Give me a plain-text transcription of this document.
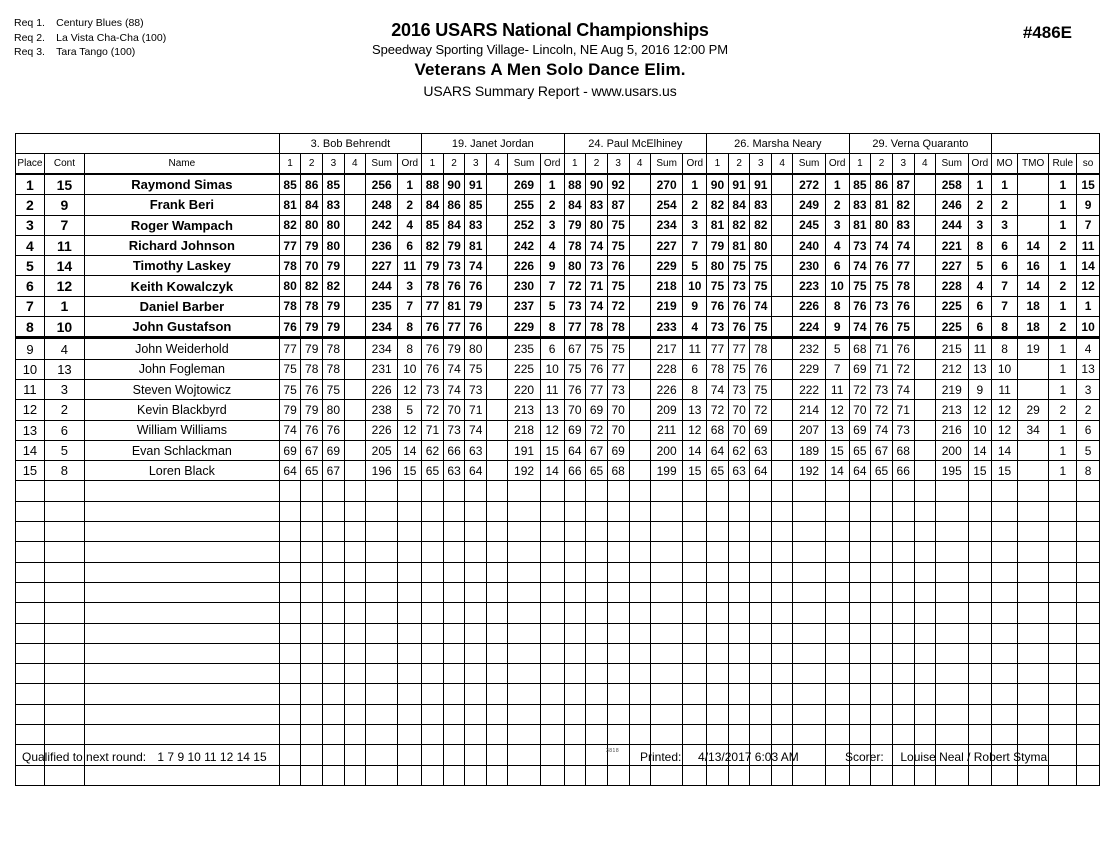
Req 1. Century Blues (88)
Req 2. La Vista Cha-Cha (100)
Req 3. Tara Tango (100)
2016 USARS National Championships
Speedway Sporting Village- Lincoln, NE Aug 5, 2016 12:00 PM
Veterans A Men Solo Dance Elim.
USARS Summary Report - www.usars.us
#486E
			3. Bob Behrendt						19. Janet Jordan						24. Paul McElhiney						26. Marsha Neary						29. Verna Quaranto									
Place	Cont	Name	1	2	3	4	Sum	Ord	1	2	3	4	Sum	Ord	1	2	3	4	Sum	Ord	1	2	3	4	Sum	Ord	1	2	3	4	Sum	Ord	MO	TMO	Rule	so
1	15	Raymond Simas	85	86	85		256	1	88	90	91		269	1	88	90	92		270	1	90	91	91		272	1	85	86	87		258	1	1		1	15
2	9	Frank Beri	81	84	83		248	2	84	86	85		255	2	84	83	87		254	2	82	84	83		249	2	83	81	82		246	2	2		1	9
3	7	Roger Wampach	82	80	80		242	4	85	84	83		252	3	79	80	75		234	3	81	82	82		245	3	81	80	83		244	3	3		1	7
4	11	Richard Johnson	77	79	80		236	6	82	79	81		242	4	78	74	75		227	7	79	81	80		240	4	73	74	74		221	8	6	14	2	11
5	14	Timothy Laskey	78	70	79		227	11	79	73	74		226	9	80	73	76		229	5	80	75	75		230	6	74	76	77		227	5	6	16	1	14
6	12	Keith Kowalczyk	80	82	82		244	3	78	76	76		230	7	72	71	75		218	10	75	73	75		223	10	75	75	78		228	4	7	14	2	12
7	1	Daniel Barber	78	78	79		235	7	77	81	79		237	5	73	74	72		219	9	76	76	74		226	8	76	73	76		225	6	7	18	1	1
8	10	John Gustafson	76	79	79		234	8	76	77	76		229	8	77	78	78		233	4	73	76	75		224	9	74	76	75		225	6	8	18	2	10
9	4	John Weiderhold	77	79	78		234	8	76	79	80		235	6	67	75	75		217	11	77	77	78		232	5	68	71	76		215	11	8	19	1	4
10	13	John Fogleman	75	78	78		231	10	76	74	75		225	10	75	76	77		228	6	78	75	76		229	7	69	71	72		212	13	10		1	13
11	3	Steven Wojtowicz	75	76	75		226	12	73	74	73		220	11	76	77	73		226	8	74	73	75		222	11	72	73	74		219	9	11		1	3
12	2	Kevin Blackbyrd	79	79	80		238	5	72	70	71		213	13	70	69	70		209	13	72	70	72		214	12	70	72	71		213	12	12	29	2	2
13	6	William Williams	74	76	76		226	12	71	73	74		218	12	69	72	70		211	12	68	70	69		207	13	69	74	73		216	10	12	34	1	6
14	5	Evan Schlackman	69	67	69		205	14	62	66	63		191	15	64	67	69		200	14	64	62	63		189	15	65	67	68		200	14	14		1	5
15	8	Loren Black	64	65	67		196	15	65	63	64		192	14	66	65	68		199	15	65	63	64		192	14	64	65	66		195	15	15		1	8

Qualified to next round: 1 7 9 10 11 12 14 15	3818 Printed: 4/13/2017 6:03 AM	Scorer: Louise Neal / Robert Styma
